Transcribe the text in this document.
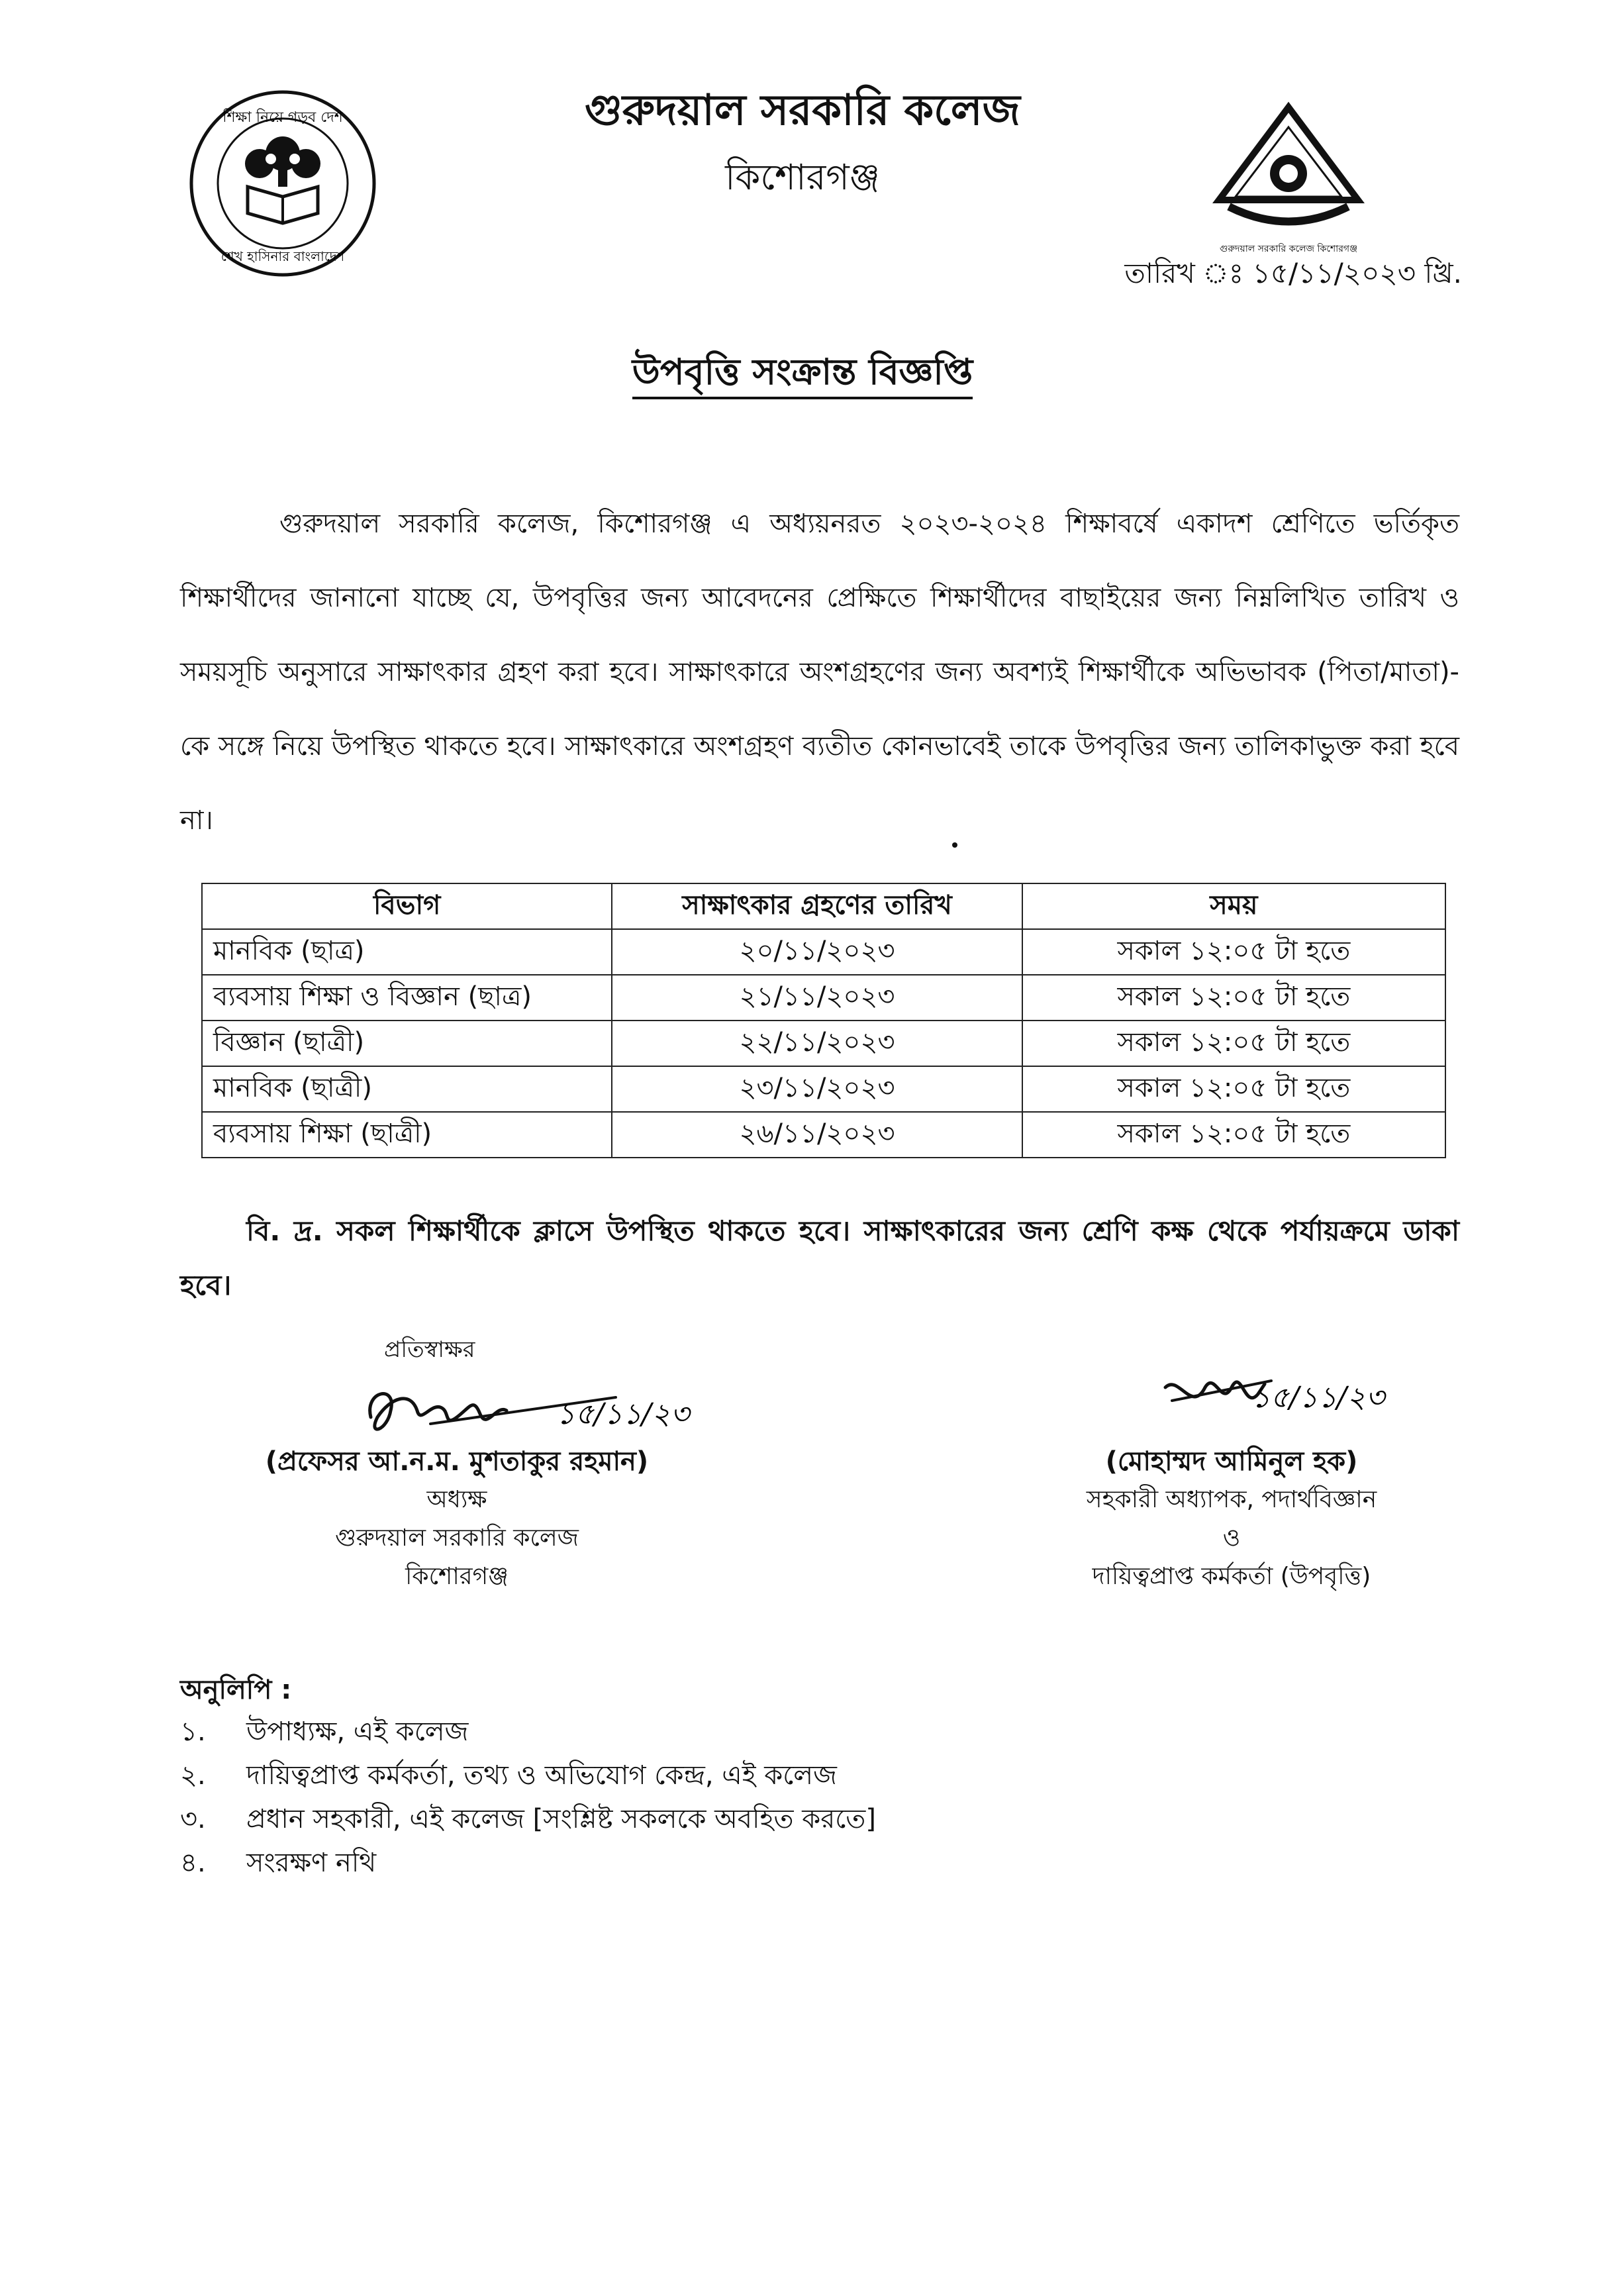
শিক্ষা নিয়ে গড়ব দেশ
শেখ হাসিনার বাংলাদেশ	গুরুদয়াল সরকারি কলেজ কিশোরগঞ্জ
গুরুদয়াল সরকারি কলেজ
কিশোরগঞ্জ
তারিখ ঃ ১৫/১১/২০২৩ খ্রি.
উপবৃত্তি সংক্রান্ত বিজ্ঞপ্তি
গুরুদয়াল সরকারি কলেজ, কিশোরগঞ্জ এ অধ্যয়নরত ২০২৩-২০২৪ শিক্ষাবর্ষে একাদশ শ্রেণিতে ভর্তিকৃত শিক্ষার্থীদের জানানো যাচ্ছে যে, উপবৃত্তির জন্য আবেদনের প্রেক্ষিতে শিক্ষার্থীদের বাছাইয়ের জন্য নিম্নলিখিত তারিখ ও সময়সূচি অনুসারে সাক্ষাৎকার গ্রহণ করা হবে। সাক্ষাৎকারে অংশগ্রহণের জন্য অবশ্যই শিক্ষার্থীকে অভিভাবক (পিতা/মাতা)-কে সঙ্গে নিয়ে উপস্থিত থাকতে হবে। সাক্ষাৎকারে অংশগ্রহণ ব্যতীত কোনভাবেই তাকে উপবৃত্তির জন্য তালিকাভুক্ত করা হবে না।
বিভাগ	সাক্ষাৎকার গ্রহণের তারিখ	সময়
মানবিক (ছাত্র)	২০/১১/২০২৩	সকাল ১২:০৫ টা হতে
ব্যবসায় শিক্ষা ও বিজ্ঞান (ছাত্র)	২১/১১/২০২৩	সকাল ১২:০৫ টা হতে
বিজ্ঞান (ছাত্রী)	২২/১১/২০২৩	সকাল ১২:০৫ টা হতে
মানবিক (ছাত্রী)	২৩/১১/২০২৩	সকাল ১২:০৫ টা হতে
ব্যবসায় শিক্ষা (ছাত্রী)	২৬/১১/২০২৩	সকাল ১২:০৫ টা হতে
বি. দ্র. সকল শিক্ষার্থীকে ক্লাসে উপস্থিত থাকতে হবে। সাক্ষাৎকারের জন্য শ্রেণি কক্ষ থেকে পর্যায়ক্রমে ডাকা হবে।
প্রতিস্বাক্ষর
১৫/১১/২৩	১৫/১১/২৩
(প্রফেসর আ.ন.ম. মুশতাকুর রহমান)
অধ্যক্ষ
গুরুদয়াল সরকারি কলেজ
কিশোরগঞ্জ
(মোহাম্মদ আমিনুল হক)
সহকারী অধ্যাপক, পদার্থবিজ্ঞান
ও
দায়িত্বপ্রাপ্ত কর্মকর্তা (উপবৃত্তি)
অনুলিপি :
১.	উপাধ্যক্ষ, এই কলেজ
২.	দায়িত্বপ্রাপ্ত কর্মকর্তা, তথ্য ও অভিযোগ কেন্দ্র, এই কলেজ
৩.	প্রধান সহকারী, এই কলেজ [সংশ্লিষ্ট সকলকে অবহিত করতে]
৪.	সংরক্ষণ নথি
